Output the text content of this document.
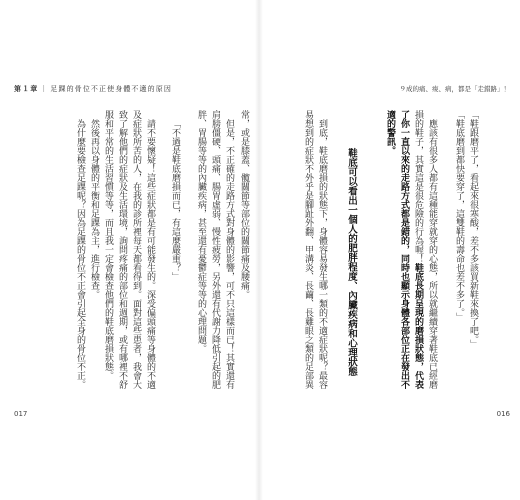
第１章 ｜ 足踝的骨位不正使身體不適的原因
常，或是膝蓋、髖關節等部位的關節痛及腰痛。
但是，不正確的走路方式對身體的影響，可不只這樣而已！其實還有
肩膀僵硬、頭痛、腸胃虛弱、慢性疲勞，另外還有代謝力降低引起的肥
胖、胃腸等等的內臟疾病，甚至還有憂鬱症等等的心理問題。
「不過是鞋底磨損而已，有這麼嚴重？」
請不要懷疑！這些症狀都是有可能發生的。深受偏頭痛等身體的不適
及症狀所苦的人，在我的診所裡每天都看得到。面對這些患者，我會大
致了解他們的症狀及生活環境，詢問疼痛的部位和週期，或有哪裡不舒
服和平常的生活習慣等等，而且我一定會檢查他們的鞋底磨損狀態。
然後再以身體的平衡和足踝為主，進行檢查。
為什麼要檢查足踝呢？因為足踝的骨位不正會引起全身的骨位不正。
017
９成的痛、痠、病，都是「走錯路」！
「鞋跟磨平了，看起來很寒酸，差不多該買新鞋來換了吧。」
「鞋底磨到都快要穿了，這雙鞋的壽命也差不多了。」
應該有很多人都有這種能穿就穿的心態，所以就繼續穿著鞋底已經磨
損的鞋子，其實這是很危險的行為喔！鞋底長期呈現的磨損狀態，代表
了你一直以來的走路方式都是錯的，同時也顯示身體各部位正在發出不
適的警訊。
鞋底可以看出一個人的肥胖程度、內臟疾病和心理狀態
到底，鞋底磨損的狀態下，身體容易發生哪一類的不適症狀呢？最容
易想到的症狀不外乎是腳趾外翻、甲溝炎、長繭、長雞眼之類的足部異
016
